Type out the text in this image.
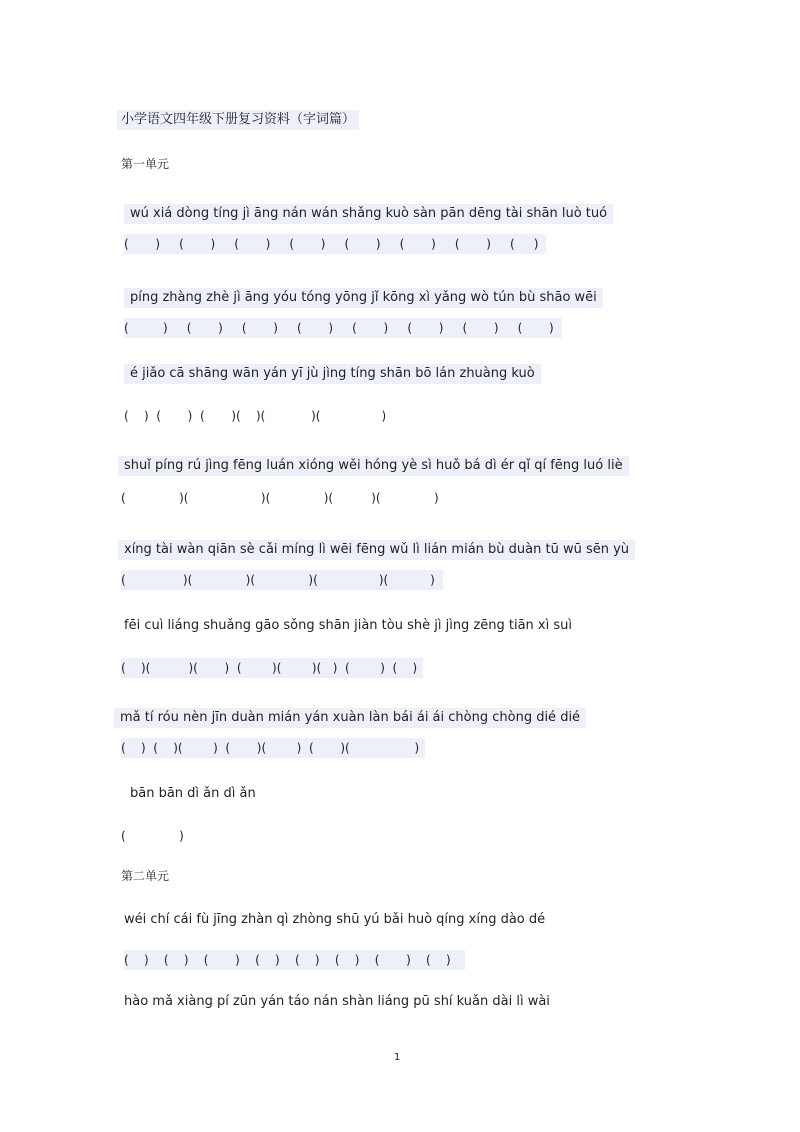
小学语文四年级下册复习资料（字词篇）
第一单元
wú xiá dòng tíng jì āng nán wán shǎng kuò sàn pān dēng tài shān luò tuó
(       )     (       )     (       )     (       )     (       )     (       )     (       )     (     )
píng zhàng zhè jì āng yóu tóng yōng jǐ kōng xì yǎng wò tún bù shāo wēi
(         )     (       )     (       )     (       )     (       )     (       )     (       )     (       )
é jiǎo cā shāng wān yán yī jù jìng tíng shān bō lán zhuàng kuò
(    )  (       )  (       )(    )(            )(                )
shuǐ píng rú jìng fēng luán xióng wěi hóng yè sì huǒ bá dì ér qǐ qí fēng luó liè
(              )(                   )(              )(          )(              )
xíng tài wàn qiān sè cǎi míng lì wēi fēng wǔ lì lián mián bù duàn tū wū sēn yù
(               )(              )(              )(                )(           )
fēi cuì liáng shuǎng gāo sǒng shān jiàn tòu shè jì jìng zēng tiān xì suì
(    )(          )(       )  (        )(        )(   )  (        )  (    )
mǎ tí róu nèn jīn duàn mián yán xuàn làn bái ái ái chòng chòng dié dié
(    )  (    )(        )  (       )(        )  (       )(                 )
bān bān dì ǎn dì ǎn
(              )
第二单元
wéi chí cái fù jīng zhàn qì zhòng shū yú bǎi huò qíng xíng dào dé
(    )    (    )    (       )    (    )    (    )    (    )    (       )    (    )
hào mǎ xiàng pí zūn yán táo nán shàn liáng pū shí kuǎn dài lì wài
1
